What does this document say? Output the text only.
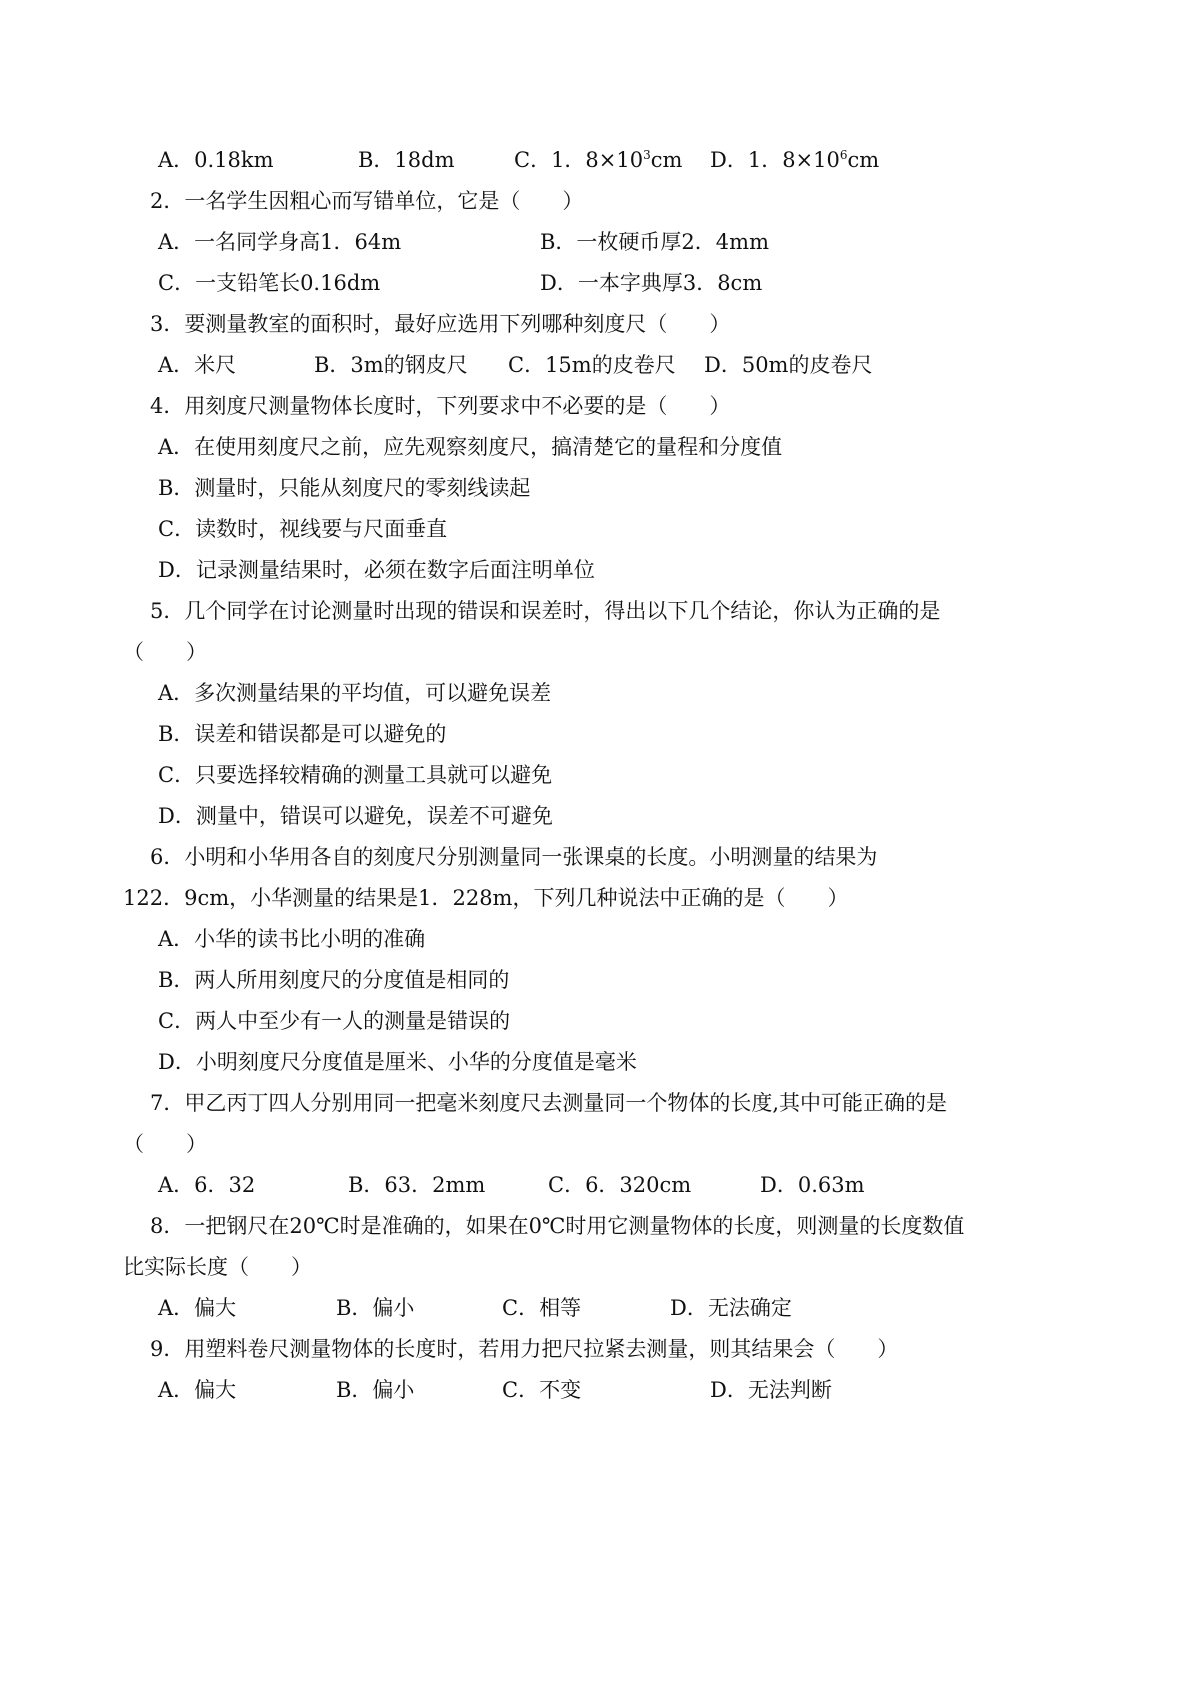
A．0.18km	B．18dm	C．1．$8\times 10^3cm$ D．1．$8\times 10^6cm$
2．一名学生因粗心而写错单位，它是（　　）
A．一名同学身高1．64m	B．一枚硬币厚2．4mm
C．一支铅笔长0.16dm	D．一本字典厚3．8cm
3．要测量教室的面积时，最好应选用下列哪种刻度尺（　　）
A．米尺	B．3m的钢皮尺 C．15m的皮卷尺 D．50m的皮卷尺
4．用刻度尺测量物体长度时，下列要求中不必要的是（　　）
A．在使用刻度尺之前，应先观察刻度尺，搞清楚它的量程和分度值
B．测量时，只能从刻度尺的零刻线读起
C．读数时，视线要与尺面垂直
D．记录测量结果时，必须在数字后面注明单位
5．几个同学在讨论测量时出现的错误和误差时，得出以下几个结论，你认为正确的是
（　　）
A．多次测量结果的平均值，可以避免误差
B．误差和错误都是可以避免的
C．只要选择较精确的测量工具就可以避免
D．测量中，错误可以避免，误差不可避免
6．小明和小华用各自的刻度尺分别测量同一张课桌的长度。小明测量的结果为
122．9cm，小华测量的结果是1．228m，下列几种说法中正确的是（　　）
A．小华的读书比小明的准确
B．两人所用刻度尺的分度值是相同的
C．两人中至少有一人的测量是错误的
D．小明刻度尺分度值是厘米、小华的分度值是毫米
7．甲乙丙丁四人分别用同一把毫米刻度尺去测量同一个物体的长度,其中可能正确的是
（　　）
A．6．32	B．63．2mm	C．6．320cm	D．0.63m
8．一把钢尺在20℃时是准确的，如果在0℃时用它测量物体的长度，则测量的长度数值
比实际长度（　　）
A．偏大	B．偏小	C．相等	D．无法确定
9．用塑料卷尺测量物体的长度时，若用力把尺拉紧去测量，则其结果会（　　）
A．偏大	B．偏小	C．不变	D．无法判断
